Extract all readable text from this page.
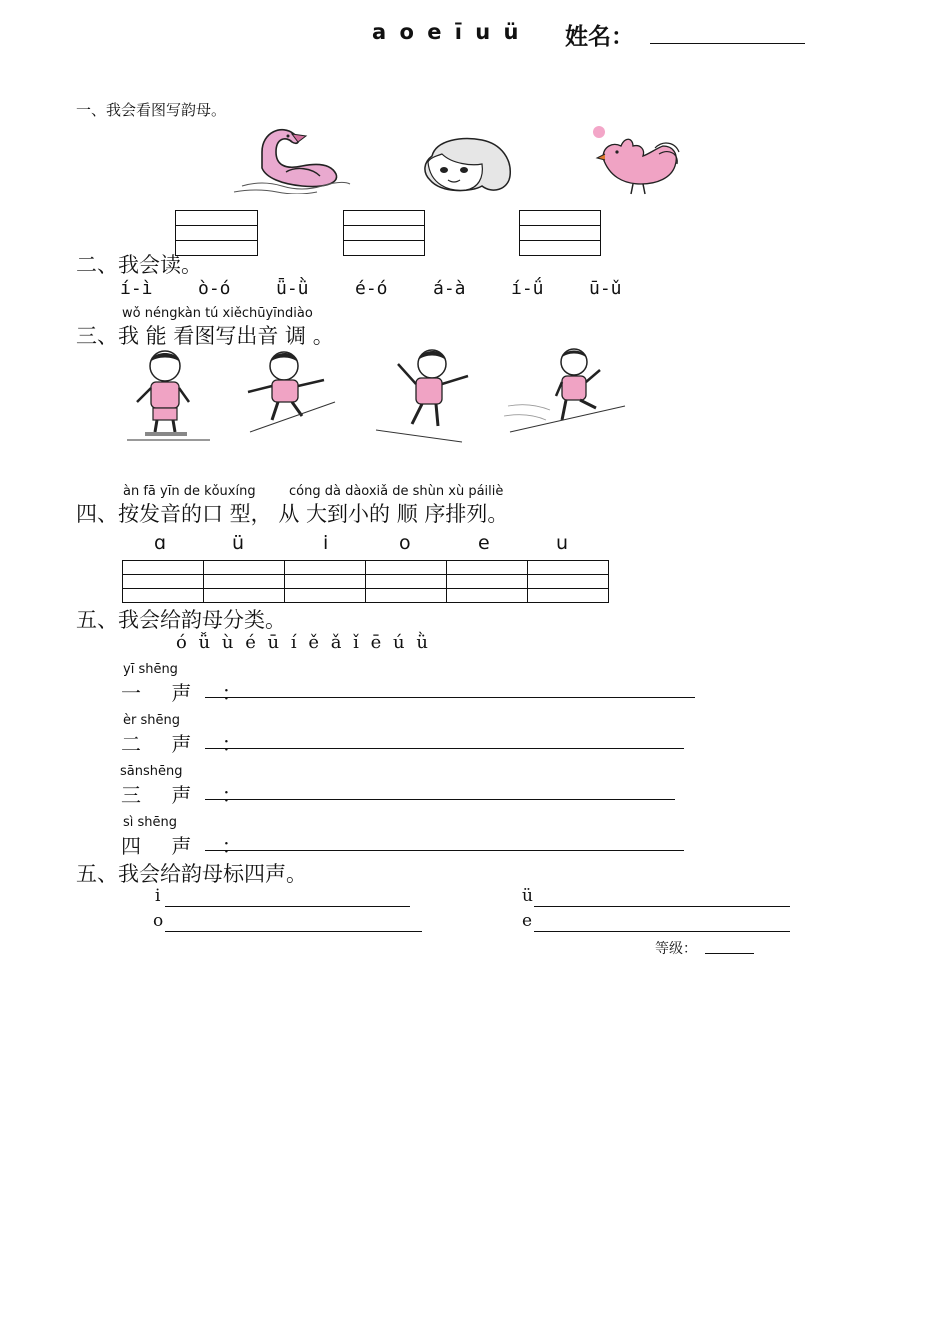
a o e ī u ü 姓名：
一、我会看图写韵母。
二、我会读。
í-ì	ò-ó	ǖ-ǜ	é-ó	á-à	í-ǘ	ū-ǔ
wǒ néngkàn tú xiěchūyīndiào
三、我 能 看图写出音 调 。
àn fā yīn de kǒuxíng	cóng dà dàoxiǎ de shùn xù páiliè
四、按发音的口 型， 从 大到小的 顺 序排列。
ɑ	ü	i	o	e	u

五、我会给韵母分类。
ó ǚ ù é ū í ě ǎ ǐ ē ú ǜ
yī shēng
一 声 ：
èr shēng
二 声 ：
sānshēng
三 声 ：
sì shēng
四 声 ：
五、我会给韵母标四声。
i	ü
o	e
等级：
